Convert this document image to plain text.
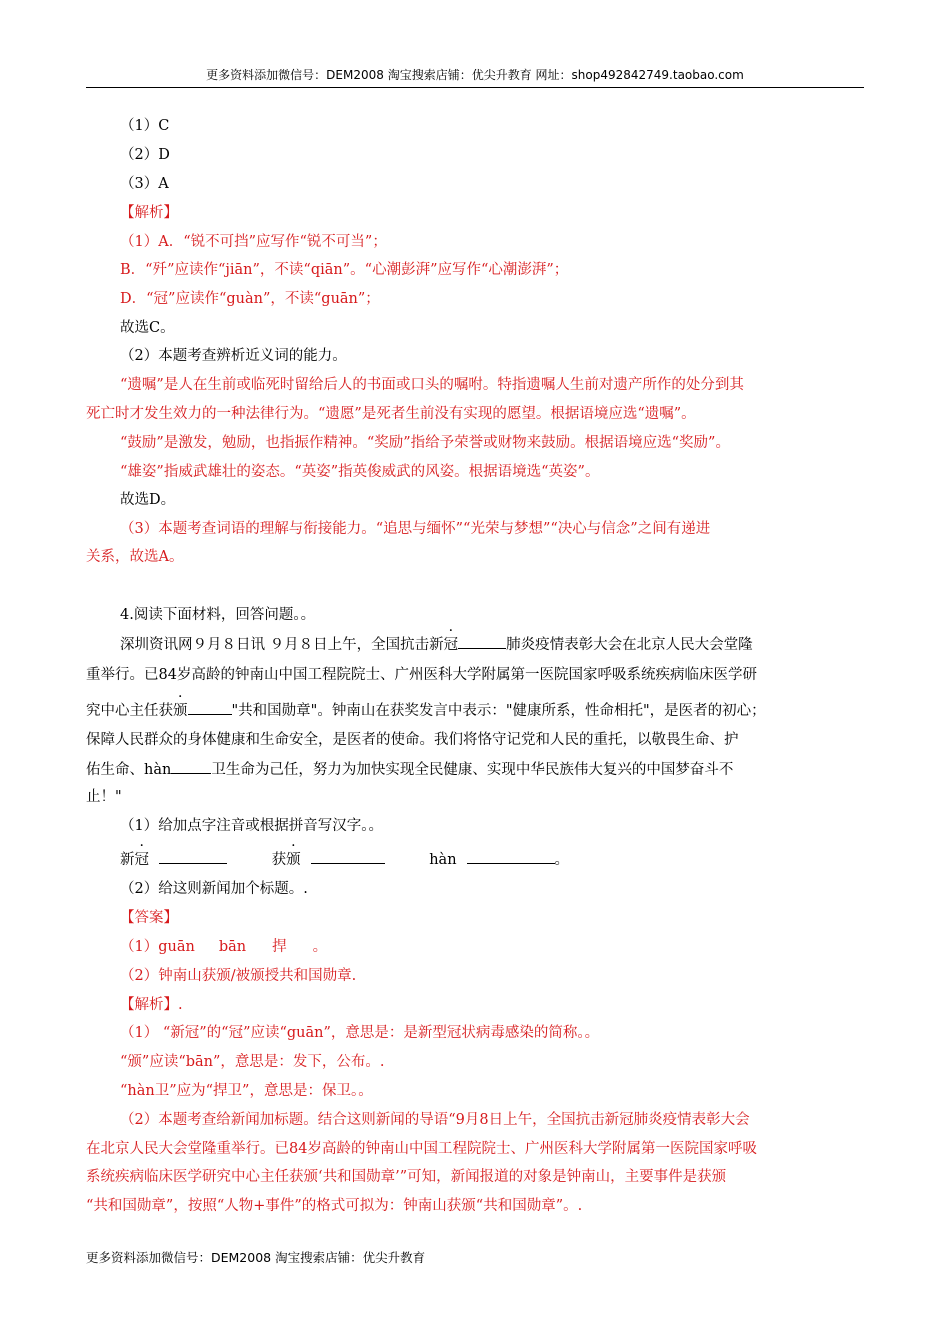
更多资料添加微信号：DEM2008 淘宝搜索店铺：优尖升教育 网址：shop492842749.taobao.com
（1）C
（2）D
（3）A
【解析】
（1）A．“锐不可挡”应写作“锐不可当”；
B．“歼”应读作“jiān”，不读“qiān”。“心潮彭湃”应写作“心潮澎湃”；
D．“冠”应读作“guàn”，不读“guān”；
故选C。
（2）本题考查辨析近义词的能力。
“遗嘱”是人在生前或临死时留给后人的书面或口头的嘱咐。特指遗嘱人生前对遗产所作的处分到其
死亡时才发生效力的一种法律行为。“遗愿”是死者生前没有实现的愿望。根据语境应选“遗嘱”。
“鼓励”是激发，勉励，也指振作精神。“奖励”指给予荣誉或财物来鼓励。根据语境应选“奖励”。
“雄姿”指威武雄壮的姿态。“英姿”指英俊威武的风姿。根据语境选“英姿”。
故选D。
（3）本题考查词语的理解与衔接能力。“追思与缅怀”“光荣与梦想”“决心与信念”之间有递进
关系，故选A。
4.阅读下面材料，回答问题。。
深圳资讯网９月８日讯 ９月８日上午，全国抗击新冠	肺炎疫情表彰大会在北京人民大会堂隆
重举行。已84岁高龄的钟南山中国工程院院士、广州医科大学附属第一医院国家呼吸系统疾病临床医学研
究中心主任获颁	"共和国勋章"。钟南山在获奖发言中表示："健康所系，性命相托"，是医者的初心；
保障人民群众的身体健康和生命安全，是医者的使命。我们将恪守记党和人民的重托，以敬畏生命、护
佑生命、hàn	卫生命为己任，努力为加快实现全民健康、实现中华民族伟大复兴的中国梦奋斗不
止！"
（1）给加点字注音或根据拼音写汉字。。
新冠	获颁	hàn	。
（2）给这则新闻加个标题。.
【答案】
（1）guān bān 捍 。
（2）钟南山获颁/被颁授共和国勋章.
【解析】.
（1） “新冠”的“冠”应读“guān”，意思是：是新型冠状病毒感染的简称。。
“颁”应读“bān”，意思是：发下，公布。.
“hàn卫”应为“捍卫”，意思是：保卫。。
（2）本题考查给新闻加标题。结合这则新闻的导语“9月8日上午，全国抗击新冠肺炎疫情表彰大会
在北京人民大会堂隆重举行。已84岁高龄的钟南山中国工程院院士、广州医科大学附属第一医院国家呼吸
系统疾病临床医学研究中心主任获颁‘共和国勋章’”可知，新闻报道的对象是钟南山，主要事件是获颁
“共和国勋章”，按照“人物+事件”的格式可拟为：钟南山获颁“共和国勋章”。.
更多资料添加微信号：DEM2008 淘宝搜索店铺：优尖升教育
